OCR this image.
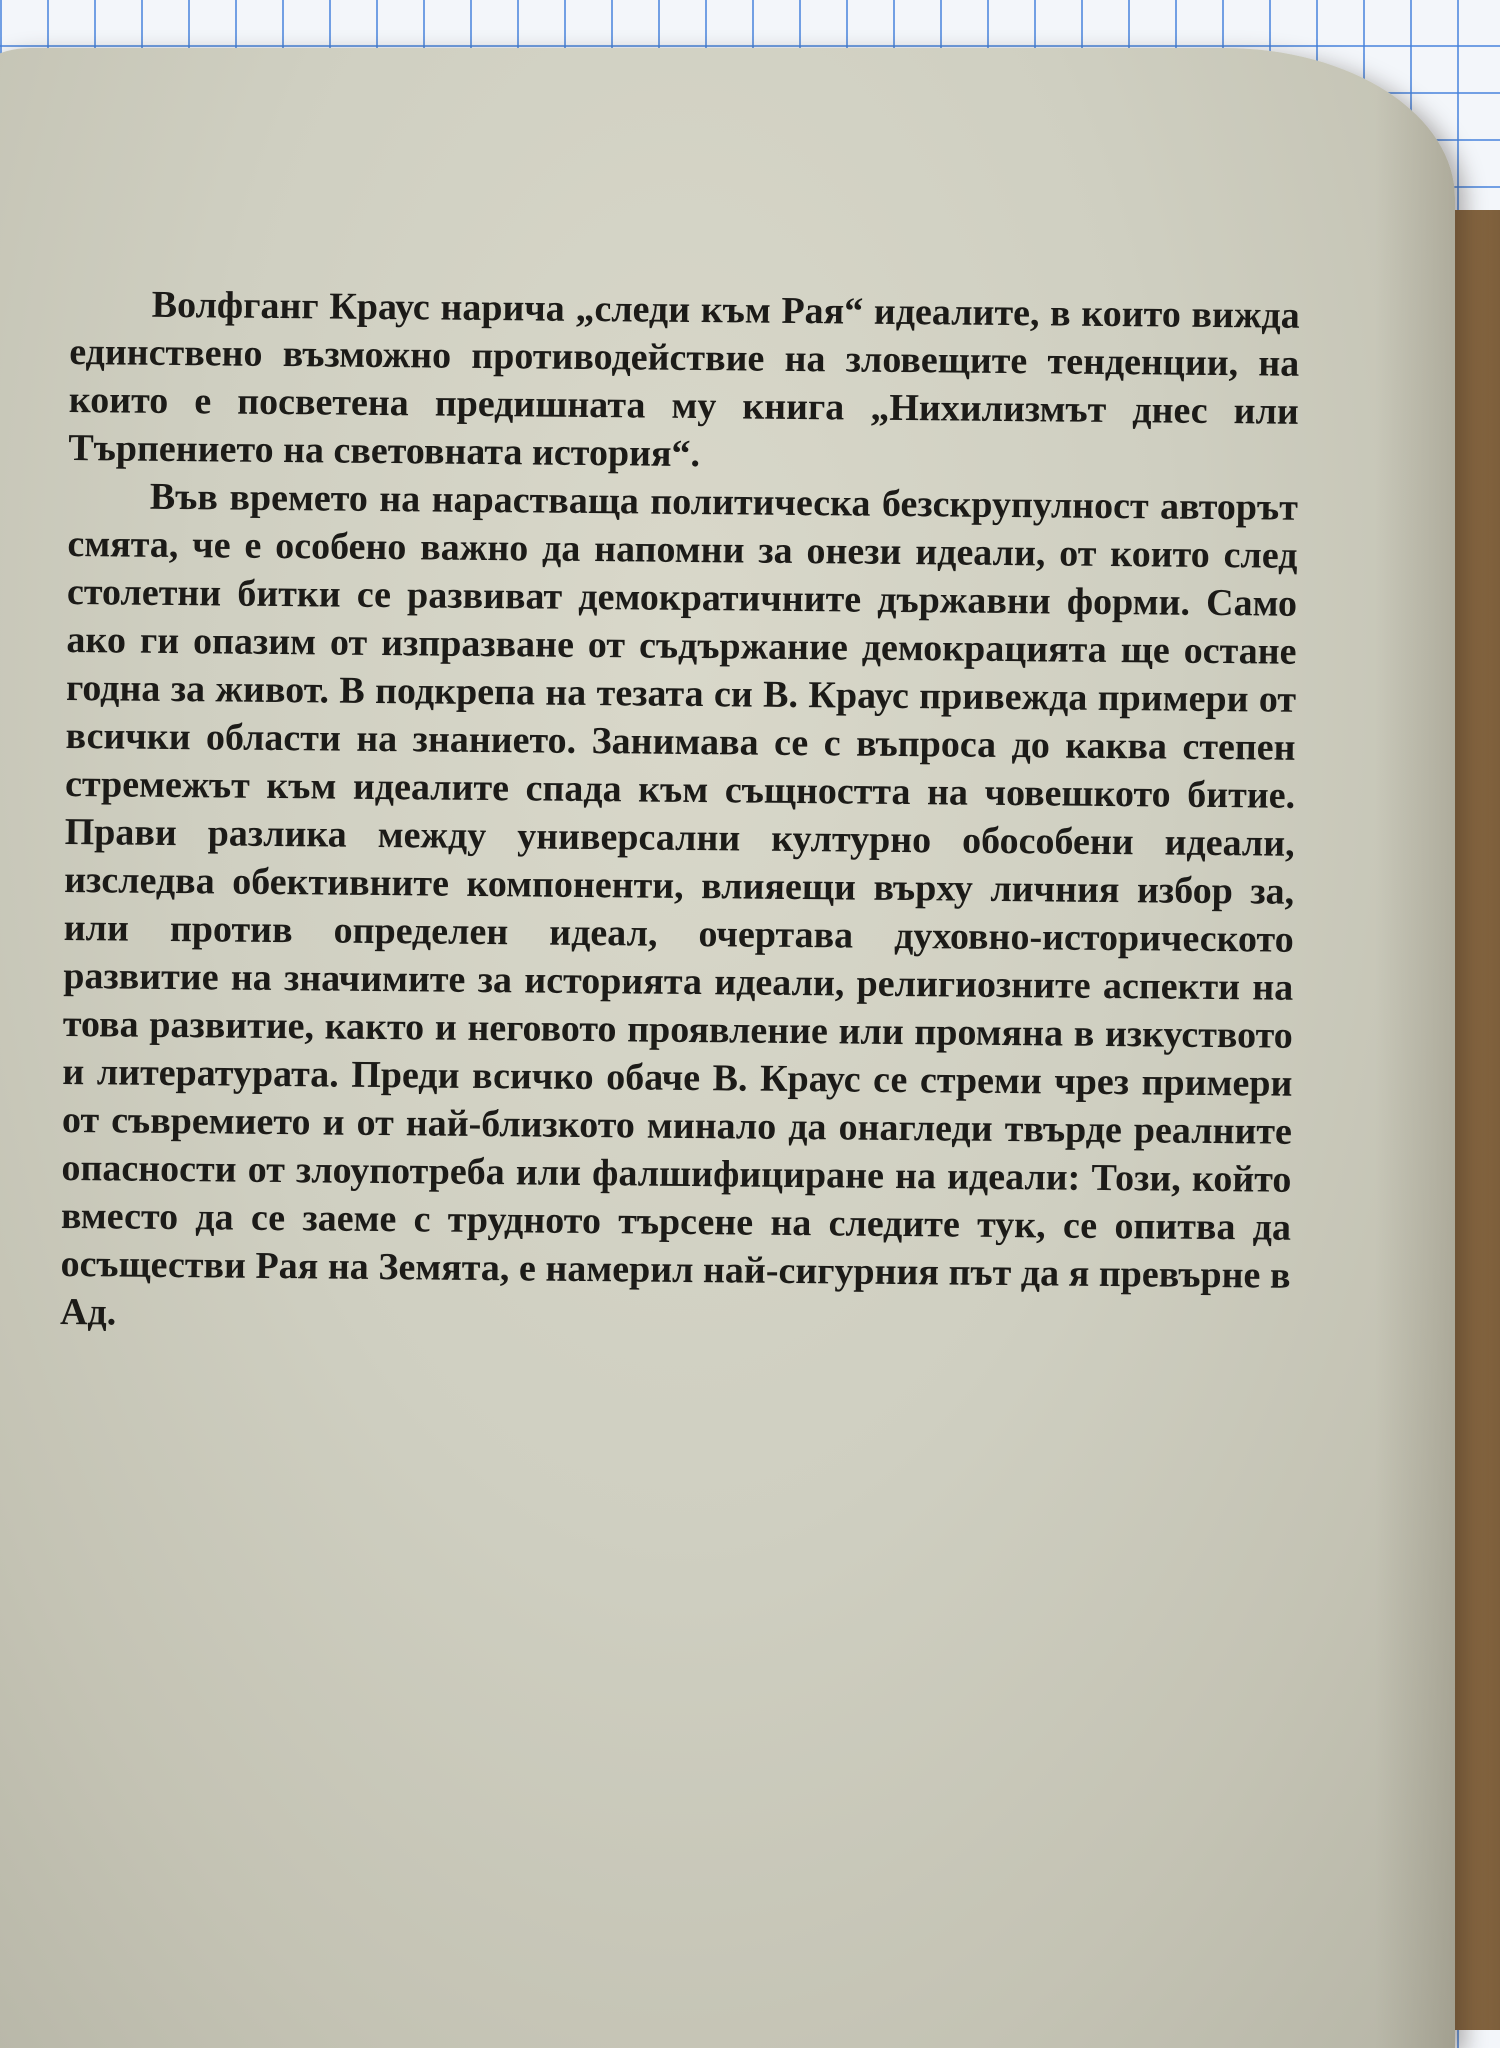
Волфганг Краус нарича „следи към Рая“ идеалите, в които вижда единствено възможно противодействие на зловещите тенденции, на които е посветена предишната му книга „Нихилизмът днес или Търпението на световната история“.

Във времето на нарастваща политическа безскрупулност авторът смята, че е особено важно да напомни за онези идеали, от които след столетни битки се развиват демократичните държавни форми. Само ако ги опазим от изпразване от съдържание демокрацията ще остане годна за живот. В подкрепа на тезата си В. Краус привежда примери от всички области на знанието. Занимава се с въпроса до каква степен стремежът към идеалите спада към същността на човешкото битие. Прави разлика между универсални културно обособени идеали, изследва обективните компоненти, влияещи върху личния избор за, или против определен идеал, очертава духовно-историческото развитие на значимите за историята идеали, религиозните аспекти на това развитие, както и неговото проявление или промяна в изкуството и литературата. Преди всичко обаче В. Краус се стреми чрез примери от съвремието и от най-близкото минало да онагледи твърде реалните опасности от злоупотреба или фалшифициране на идеали: Този, който вместо да се заеме с трудното търсене на следите тук, се опитва да осъществи Рая на Земята, е намерил най-сигурния път да я превърне в Ад.
